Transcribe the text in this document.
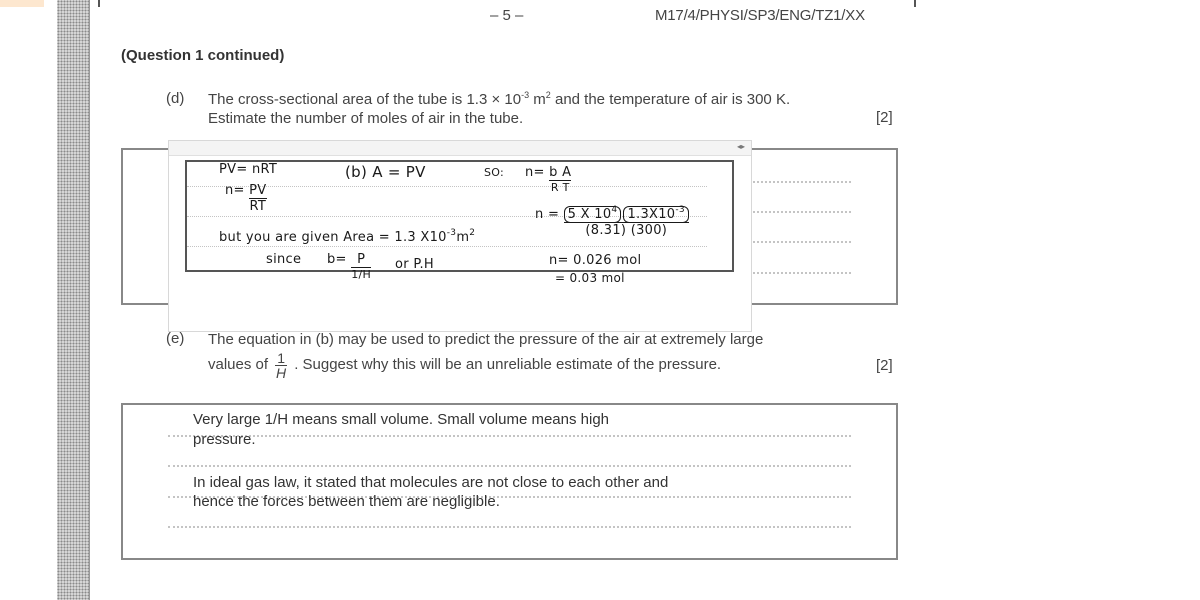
– 5 –	M17/4/PHYSI/SP3/ENG/TZ1/XX
(Question 1 continued)
(d) The cross-sectional area of the tube is $1.3 \times 10^{-3}$ $m^2$ and the temperature of air is 300 K.
Estimate the number of moles of air in the tube.	[2]
◂▸
PV= nRT	(b) A = PV	SO: $n= \frac{\text{b A}}{\text{R T}}$
$n= \frac{PV}{RT}$
$n = \frac{5 X 10^4 1.3X10^{-3}}{(8.31) (300)}$
but you are given Area = 1.3 $X10^{-3}m^2$
since $b= \frac{P}{1/H}$ or P.H	n= 0.026 mol
= 0.03 mol
(e) The equation in (b) may be used to predict the pressure of the air at extremely large
values of $\frac{1}{H}$ . Suggest why this will be an unreliable estimate of the pressure.	[2]
Very large 1/H means small volume. Small volume means high
pressure.
In ideal gas law, it stated that molecules are not close to each other and
hence the forces between them are negligible.
